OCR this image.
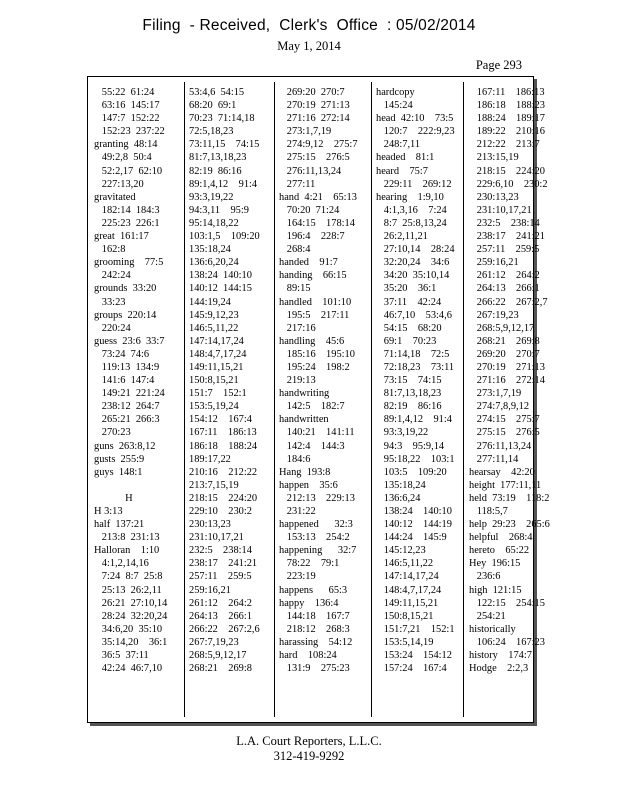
Filing  - Received,  Clerk's  Office  : 05/02/2014
May 1, 2014
Page 293
55:22  61:24
63:16  145:17
147:7  152:22
152:23  237:22
granting  48:14
49:2,8  50:4
52:2,17  62:10
227:13,20
gravitated
182:14  184:3
225:23  226:1
great  161:17
162:8
grooming    77:5
242:24
grounds  33:20
33:23
groups  220:14
220:24
guess  23:6  33:7
73:24  74:6
119:13  134:9
141:6  147:4
149:21  221:24
238:12  264:7
265:21  266:3
270:23
guns  263:8,12
gusts  255:9
guys  148:1
H
H 3:13
half  137:21
213:8  231:13
Halloran    1:10
4:1,2,14,16
7:24  8:7  25:8
25:13  26:2,11
26:21  27:10,14
28:24  32:20,24
34:6,20  35:10
35:14,20    36:1
36:5  37:11
42:24  46:7,10
53:4,6  54:15
68:20  69:1
70:23  71:14,18
72:5,18,23
73:11,15    74:15
81:7,13,18,23
82:19  86:16
89:1,4,12    91:4
93:3,19,22
94:3,11    95:9
95:14,18,22
103:1,5    109:20
135:18,24
136:6,20,24
138:24  140:10
140:12  144:15
144:19,24
145:9,12,23
146:5,11,22
147:14,17,24
148:4,7,17,24
149:11,15,21
150:8,15,21
151:7    152:1
153:5,19,24
154:12    167:4
167:11    186:13
186:18    188:24
189:17,22
210:16    212:22
213:7,15,19
218:15    224:20
229:10    230:2
230:13,23
231:10,17,21
232:5    238:14
238:17    241:21
257:11    259:5
259:16,21
261:12    264:2
264:13    266:1
266:22    267:2,6
267:7,19,23
268:5,9,12,17
268:21    269:8
269:20  270:7
270:19  271:13
271:16  272:14
273:1,7,19
274:9,12    275:7
275:15    276:5
276:11,13,24
277:11
hand  4:21    65:13
70:20  71:24
164:15    178:14
196:4    228:7
268:4
handed    91:7
handing    66:15
89:15
handled    101:10
195:5    217:11
217:16
handling    45:6
185:16    195:10
195:24    198:2
219:13
handwriting
142:5    182:7
handwritten
140:21    141:11
142:4    144:3
184:6
Hang  193:8
happen    35:6
212:13    229:13
231:22
happened      32:3
153:13    254:2
happening      32:7
78:22    79:1
223:19
happens      65:3
happy    136:4
144:18    167:7
218:12    268:3
harassing    54:12
hard    108:24
131:9    275:23
hardcopy
145:24
head  42:10    73:5
120:7    222:9,23
248:7,11
headed    81:1
heard    75:7
229:11    269:12
hearing    1:9,10
4:1,3,16    7:24
8:7  25:8,13,24
26:2,11,21
27:10,14    28:24
32:20,24    34:6
34:20  35:10,14
35:20    36:1
37:11    42:24
46:7,10    53:4,6
54:15    68:20
69:1    70:23
71:14,18    72:5
72:18,23    73:11
73:15    74:15
81:7,13,18,23
82:19    86:16
89:1,4,12    91:4
93:3,19,22
94:3    95:9,14
95:18,22    103:1
103:5    109:20
135:18,24
136:6,24
138:24    140:10
140:12    144:19
144:24    145:9
145:12,23
146:5,11,22
147:14,17,24
148:4,7,17,24
149:11,15,21
150:8,15,21
151:7,21    152:1
153:5,14,19
153:24    154:12
157:24    167:4
167:11    186:13
186:18    188:23
188:24    189:17
189:22    210:16
212:22    213:7
213:15,19
218:15    224:20
229:6,10    230:2
230:13,23
231:10,17,21
232:5    238:14
238:17    241:21
257:11    259:5
259:16,21
261:12    264:2
264:13    266:1
266:22    267:2,7
267:19,23
268:5,9,12,17
268:21    269:8
269:20    270:7
270:19    271:13
271:16    272:14
273:1,7,19
274:7,8,9,12
274:15    275:7
275:15    276:5
276:11,13,24
277:11,14
hearsay    42:20
height  177:11,11
held  73:19    118:2
118:5,7
help  29:23    265:6
helpful    268:4
hereto    65:22
Hey  196:15
236:6
high  121:15
122:15    254:15
254:21
historically
106:24    167:23
history    174:7
Hodge    2:2,3
L.A. Court Reporters, L.L.C.
312-419-9292
